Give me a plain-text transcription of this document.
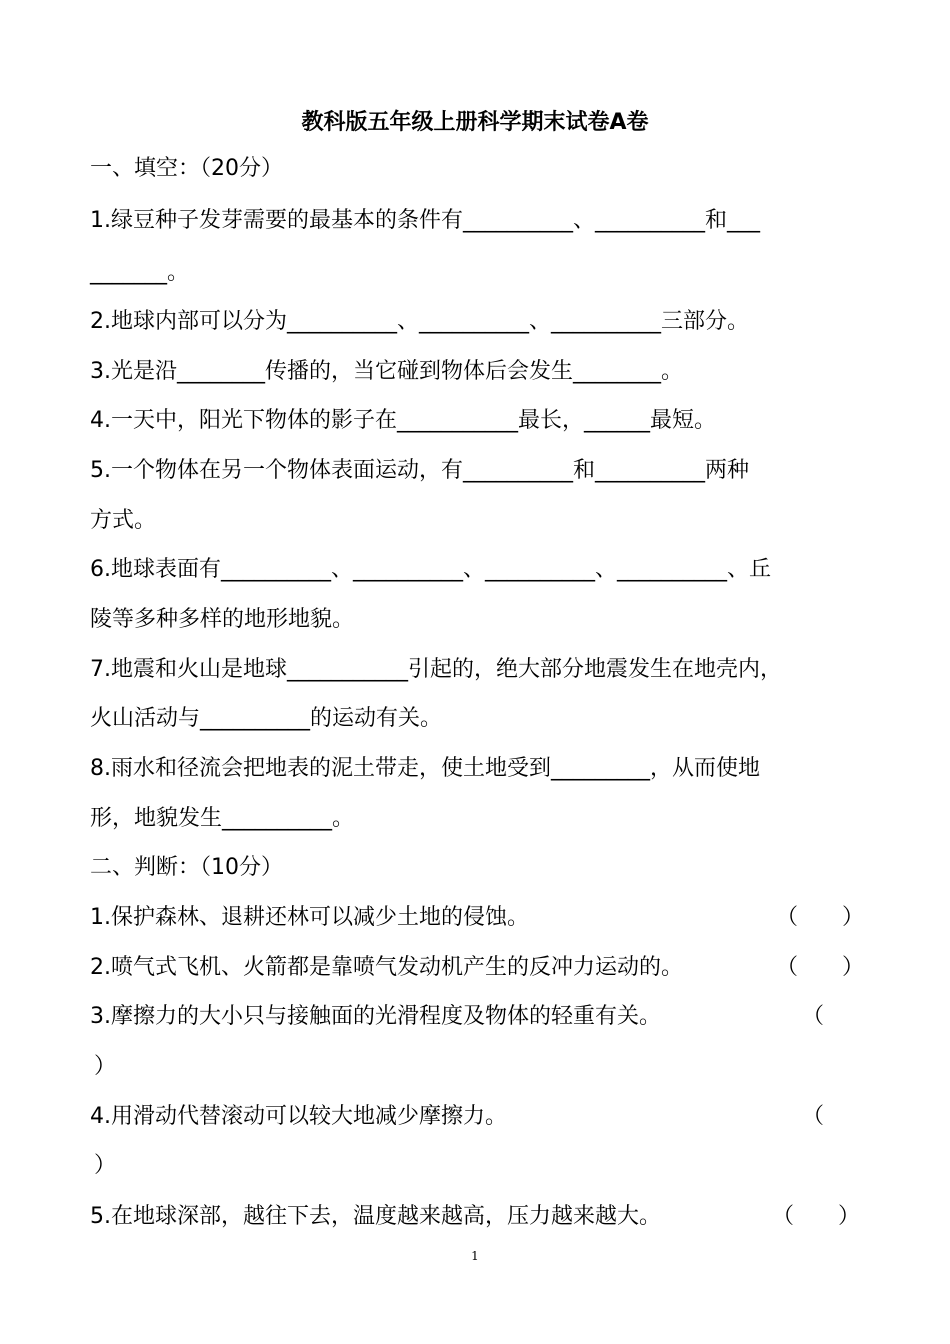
教科版五年级上册科学期末试卷A卷
一、填空：（20分）
1.绿豆种子发芽需要的最基本的条件有__________、__________和___
_______。
2.地球内部可以分为__________、__________、__________三部分。
3.光是沿________传播的，当它碰到物体后会发生________。
4.一天中，阳光下物体的影子在___________最长，______最短。
5.一个物体在另一个物体表面运动，有__________和__________两种
方式。
6.地球表面有__________、__________、__________、__________、丘
陵等多种多样的地形地貌。
7.地震和火山是地球___________引起的，绝大部分地震发生在地壳内，
火山活动与__________的运动有关。
8.雨水和径流会把地表的泥土带走，使土地受到_________，从而使地
形，地貌发生__________。
二、判断：（10分）
1.保护森林、退耕还林可以减少土地的侵蚀。	（　　）
2.喷气式飞机、火箭都是靠喷气发动机产生的反冲力运动的。	（　　）
3.摩擦力的大小只与接触面的光滑程度及物体的轻重有关。	（
）
4.用滑动代替滚动可以较大地减少摩擦力。	（
）
5.在地球深部，越往下去，温度越来越高，压力越来越大。	（　　）
1
